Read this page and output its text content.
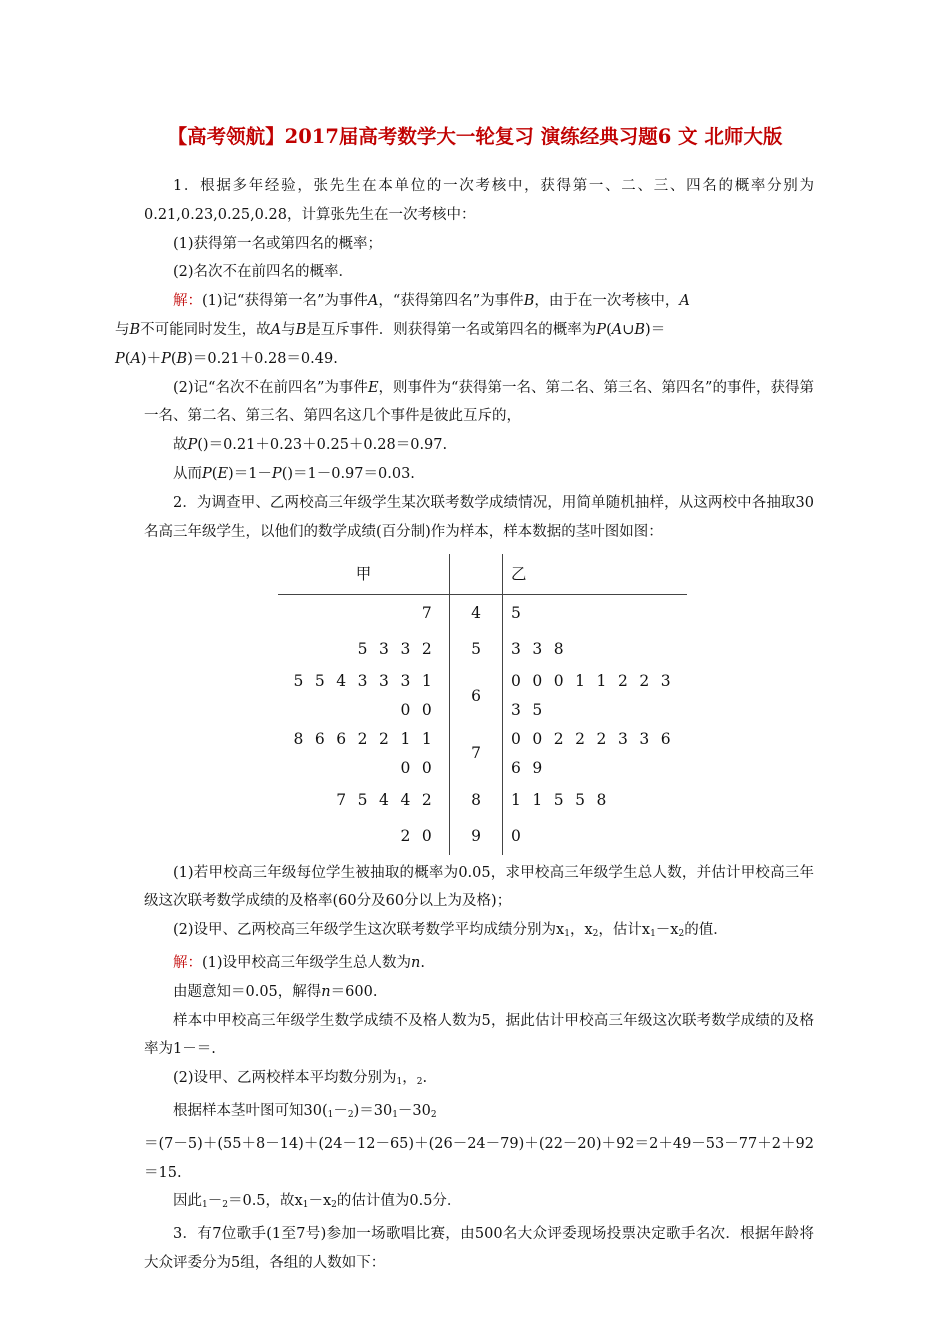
【高考领航】2017届高考数学大一轮复习 演练经典习题6 文 北师大版

1．根据多年经验，张先生在本单位的一次考核中，获得第一、二、三、四名的概率分别为0.21,0.23,0.25,0.28，计算张先生在一次考核中：

(1)获得第一名或第四名的概率；

(2)名次不在前四名的概率．

解：(1)记“获得第一名”为事件A，“获得第四名”为事件B，由于在一次考核中，A
与B不可能同时发生，故A与B是互斥事件．则获得第一名或第四名的概率为P(A∪B)＝
P(A)＋P(B)＝0.21＋0.28＝0.49.

(2)记“名次不在前四名”为事件E，则事件为“获得第一名、第二名、第三名、第四名”的事件，获得第一名、第二名、第三名、第四名这几个事件是彼此互斥的，

故P()＝0.21＋0.23＋0.25＋0.28＝0.97.

从而P(E)＝1－P()＝1－0.97＝0.03.

2．为调查甲、乙两校高三年级学生某次联考数学成绩情况，用简单随机抽样，从这两校中各抽取30名高三年级学生，以他们的数学成绩(百分制)作为样本，样本数据的茎叶图如图：

甲		乙
7	4	5
5 3 3 2	5	3 3 8
5 5 4 3 3 3 1 0 0	6	0 0 0 1 1 2 2 3 3 5
8 6 6 2 2 1 1 0 0	7	0 0 2 2 2 3 3 6 6 9
7 5 4 4 2	8	1 1 5 5 8
2 0	9	0

(1)若甲校高三年级每位学生被抽取的概率为0.05，求甲校高三年级学生总人数，并估计甲校高三年级这次联考数学成绩的及格率(60分及60分以上为及格)；

(2)设甲、乙两校高三年级学生这次联考数学平均成绩分别为$x_1$，$x_2$，估计$x_1-x_2$的值．

解：(1)设甲校高三年级学生总人数为n.

由题意知＝0.05，解得n＝600.

样本中甲校高三年级学生数学成绩不及格人数为5，据此估计甲校高三年级这次联考数学成绩的及格率为1－＝.

(2)设甲、乙两校样本平均数分别为$_1$，$_2$.

根据样本茎叶图可知$30(_1-_2)=30_1-30_2$

＝(7－5)＋(55＋8－14)＋(24－12－65)＋(26－24－79)＋(22－20)＋92＝2＋49－53－77＋2＋92＝15.

因此$_1-_2=0.5$，故$x_1-x_2$的估计值为0.5分．

3．有7位歌手(1至7号)参加一场歌唱比赛，由500名大众评委现场投票决定歌手名次．根据年龄将大众评委分为5组，各组的人数如下：
